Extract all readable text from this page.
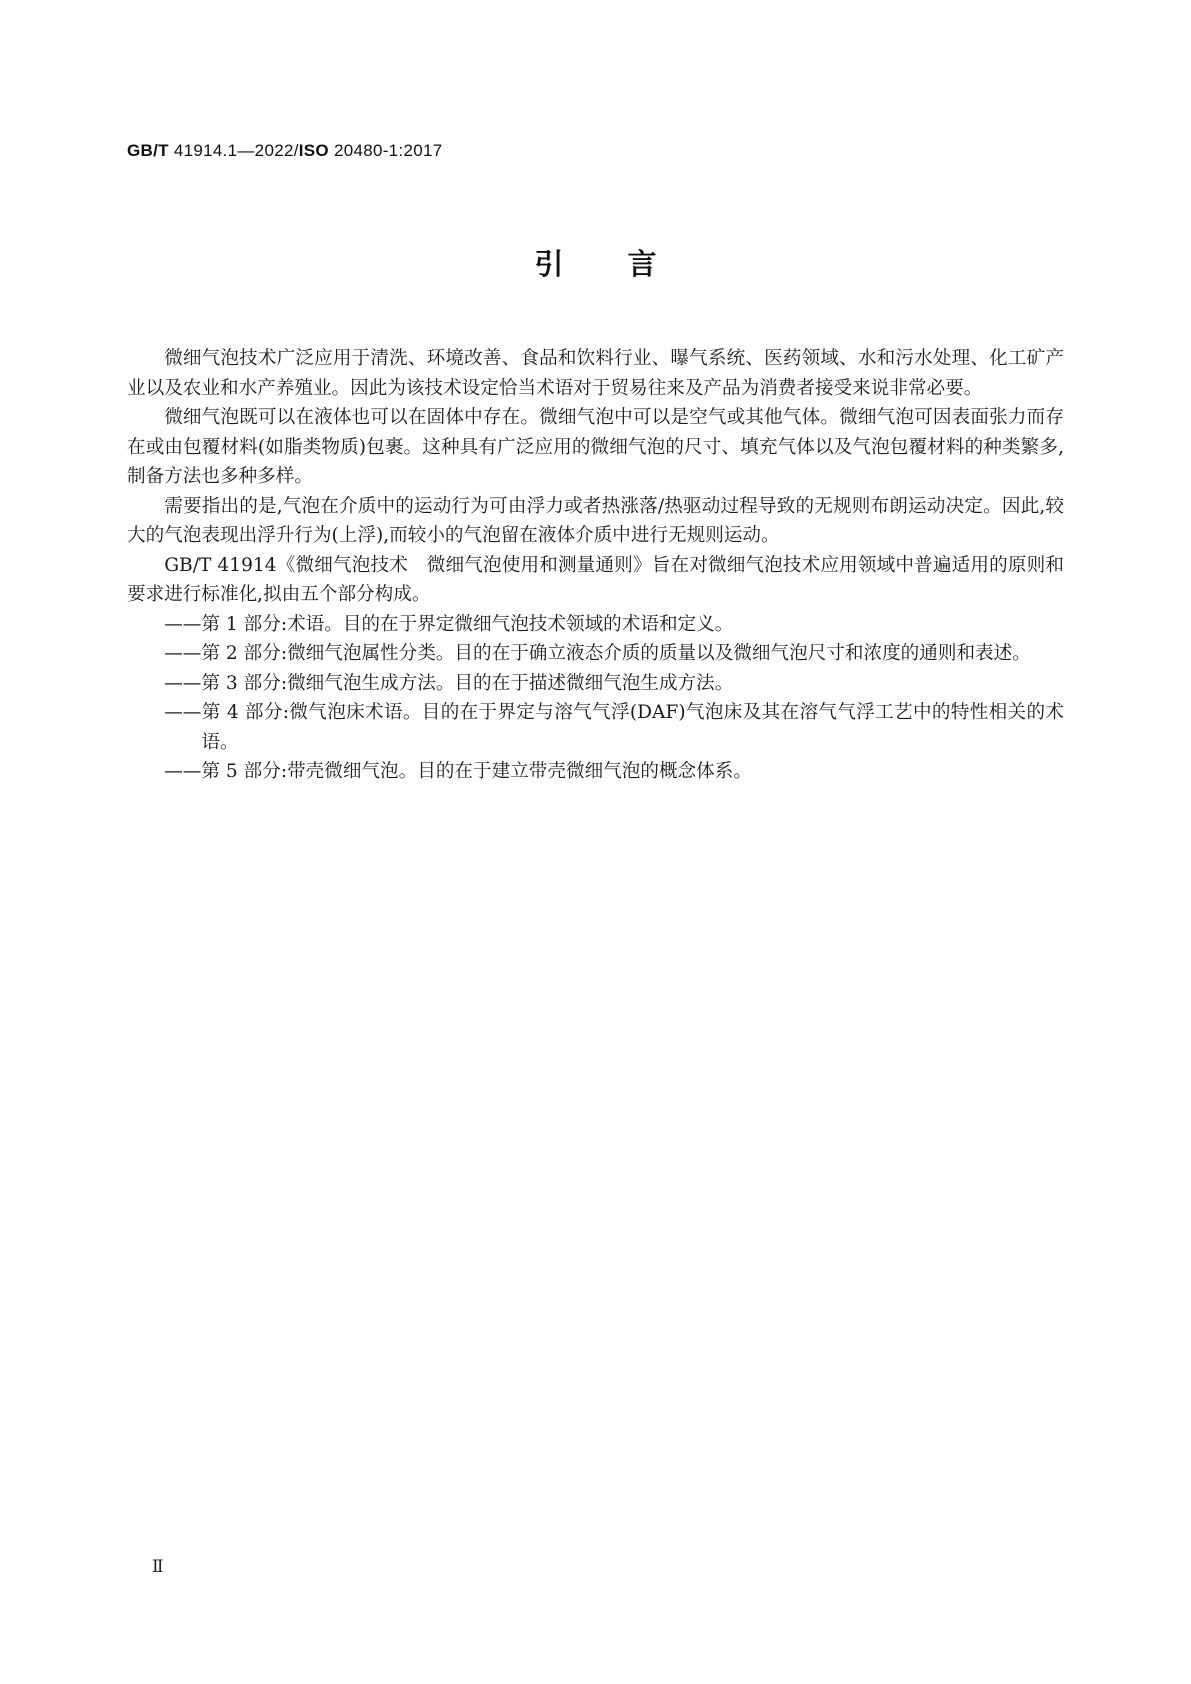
GB/T 41914.1—2022/ISO 20480-1:2017
引言

微细气泡技术广泛应用于清洗、环境改善、食品和饮料行业、曝气系统、医药领域、水和污水处理、化工矿产业以及农业和水产养殖业。因此为该技术设定恰当术语对于贸易往来及产品为消费者接受来说非常必要。

微细气泡既可以在液体也可以在固体中存在。微细气泡中可以是空气或其他气体。微细气泡可因表面张力而存在或由包覆材料(如脂类物质)包裹。这种具有广泛应用的微细气泡的尺寸、填充气体以及气泡包覆材料的种类繁多,制备方法也多种多样。

需要指出的是,气泡在介质中的运动行为可由浮力或者热涨落/热驱动过程导致的无规则布朗运动决定。因此,较大的气泡表现出浮升行为(上浮),而较小的气泡留在液体介质中进行无规则运动。

GB/T 41914《微细气泡技术　微细气泡使用和测量通则》旨在对微细气泡技术应用领域中普遍适用的原则和要求进行标准化,拟由五个部分构成。

——第 1 部分:术语。目的在于界定微细气泡技术领域的术语和定义。

——第 2 部分:微细气泡属性分类。目的在于确立液态介质的质量以及微细气泡尺寸和浓度的通则和表述。

——第 3 部分:微细气泡生成方法。目的在于描述微细气泡生成方法。

——第 4 部分:微气泡床术语。目的在于界定与溶气气浮(DAF)气泡床及其在溶气气浮工艺中的特性相关的术语。

——第 5 部分:带壳微细气泡。目的在于建立带壳微细气泡的概念体系。

Ⅱ
